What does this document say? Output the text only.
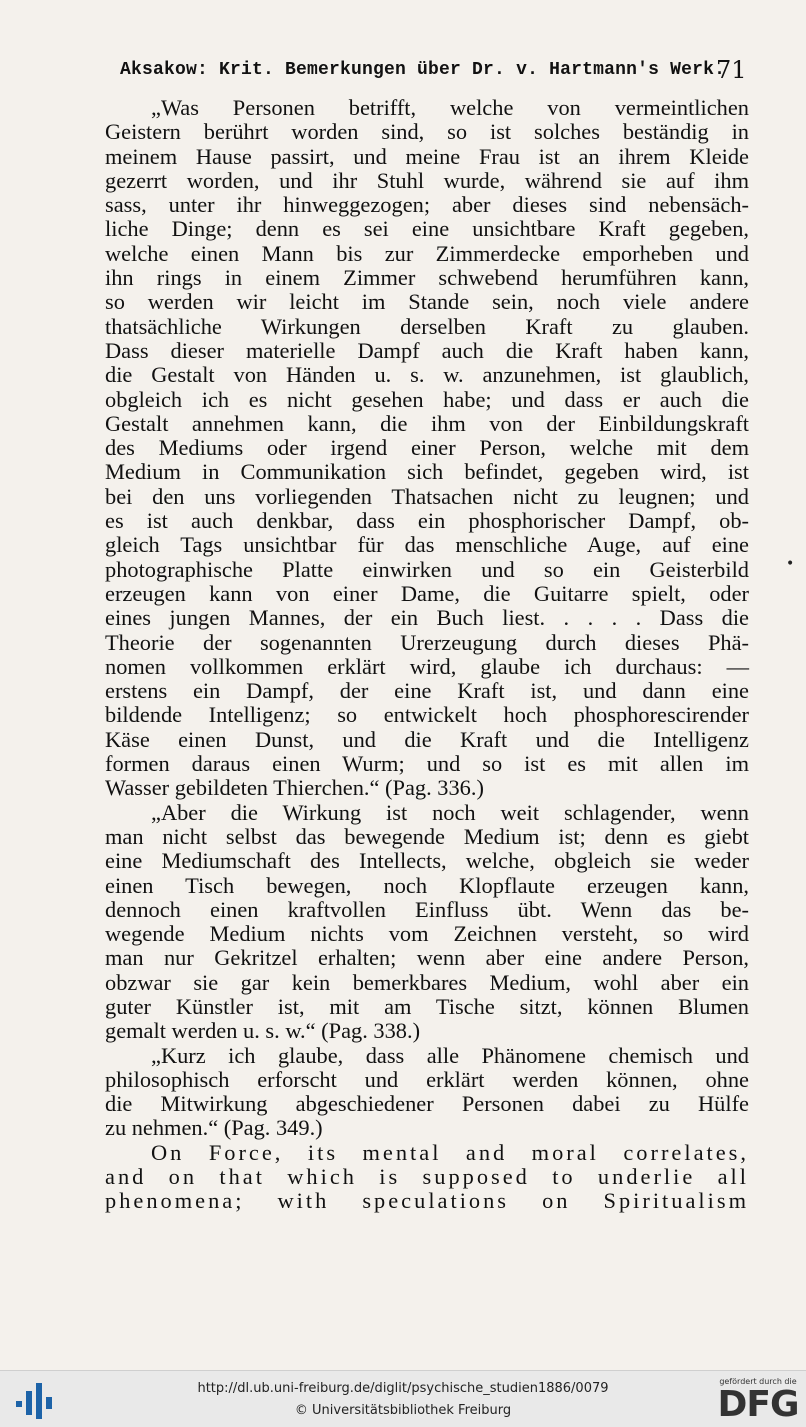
Aksakow: Krit. Bemerkungen über Dr. v. Hartmann's Werk.
71
„Was Personen betrifft, welche von vermeintlichen
Geistern berührt worden sind, so ist solches beständig in
meinem Hause passirt, und meine Frau ist an ihrem Kleide
gezerrt worden, und ihr Stuhl wurde, während sie auf ihm
sass, unter ihr hinweggezogen; aber dieses sind nebensäch-
liche Dinge; denn es sei eine unsichtbare Kraft gegeben,
welche einen Mann bis zur Zimmerdecke emporheben und
ihn rings in einem Zimmer schwebend herumführen kann,
so werden wir leicht im Stande sein, noch viele andere
thatsächliche Wirkungen derselben Kraft zu glauben.
Dass dieser materielle Dampf auch die Kraft haben kann,
die Gestalt von Händen u. s. w. anzunehmen, ist glaublich,
obgleich ich es nicht gesehen habe; und dass er auch die
Gestalt annehmen kann, die ihm von der Einbildungskraft
des Mediums oder irgend einer Person, welche mit dem
Medium in Communikation sich befindet, gegeben wird, ist
bei den uns vorliegenden Thatsachen nicht zu leugnen; und
es ist auch denkbar, dass ein phosphorischer Dampf, ob-
gleich Tags unsichtbar für das menschliche Auge, auf eine
photographische Platte einwirken und so ein Geisterbild
erzeugen kann von einer Dame, die Guitarre spielt, oder
eines jungen Mannes, der ein Buch liest. . . . . Dass die
Theorie der sogenannten Urerzeugung durch dieses Phä-
nomen vollkommen erklärt wird, glaube ich durchaus: —
erstens ein Dampf, der eine Kraft ist, und dann eine
bildende Intelligenz; so entwickelt hoch phosphorescirender
Käse einen Dunst, und die Kraft und die Intelligenz
formen daraus einen Wurm; und so ist es mit allen im
Wasser gebildeten Thierchen.“ (Pag. 336.)
„Aber die Wirkung ist noch weit schlagender, wenn
man nicht selbst das bewegende Medium ist; denn es giebt
eine Mediumschaft des Intellects, welche, obgleich sie weder
einen Tisch bewegen, noch Klopflaute erzeugen kann,
dennoch einen kraftvollen Einfluss übt. Wenn das be-
wegende Medium nichts vom Zeichnen versteht, so wird
man nur Gekritzel erhalten; wenn aber eine andere Person,
obzwar sie gar kein bemerkbares Medium, wohl aber ein
guter Künstler ist, mit am Tische sitzt, können Blumen
gemalt werden u. s. w.“ (Pag. 338.)
„Kurz ich glaube, dass alle Phänomene chemisch und
philosophisch erforscht und erklärt werden können, ohne
die Mitwirkung abgeschiedener Personen dabei zu Hülfe
zu nehmen.“ (Pag. 349.)
On Force, its mental and moral correlates,
and on that which is supposed to underlie all
phenomena; with speculations on Spiritualism
•
http://dl.ub.uni-freiburg.de/diglit/psychische_studien1886/0079
© Universitätsbibliothek Freiburg
gefördert durch die
DFG
